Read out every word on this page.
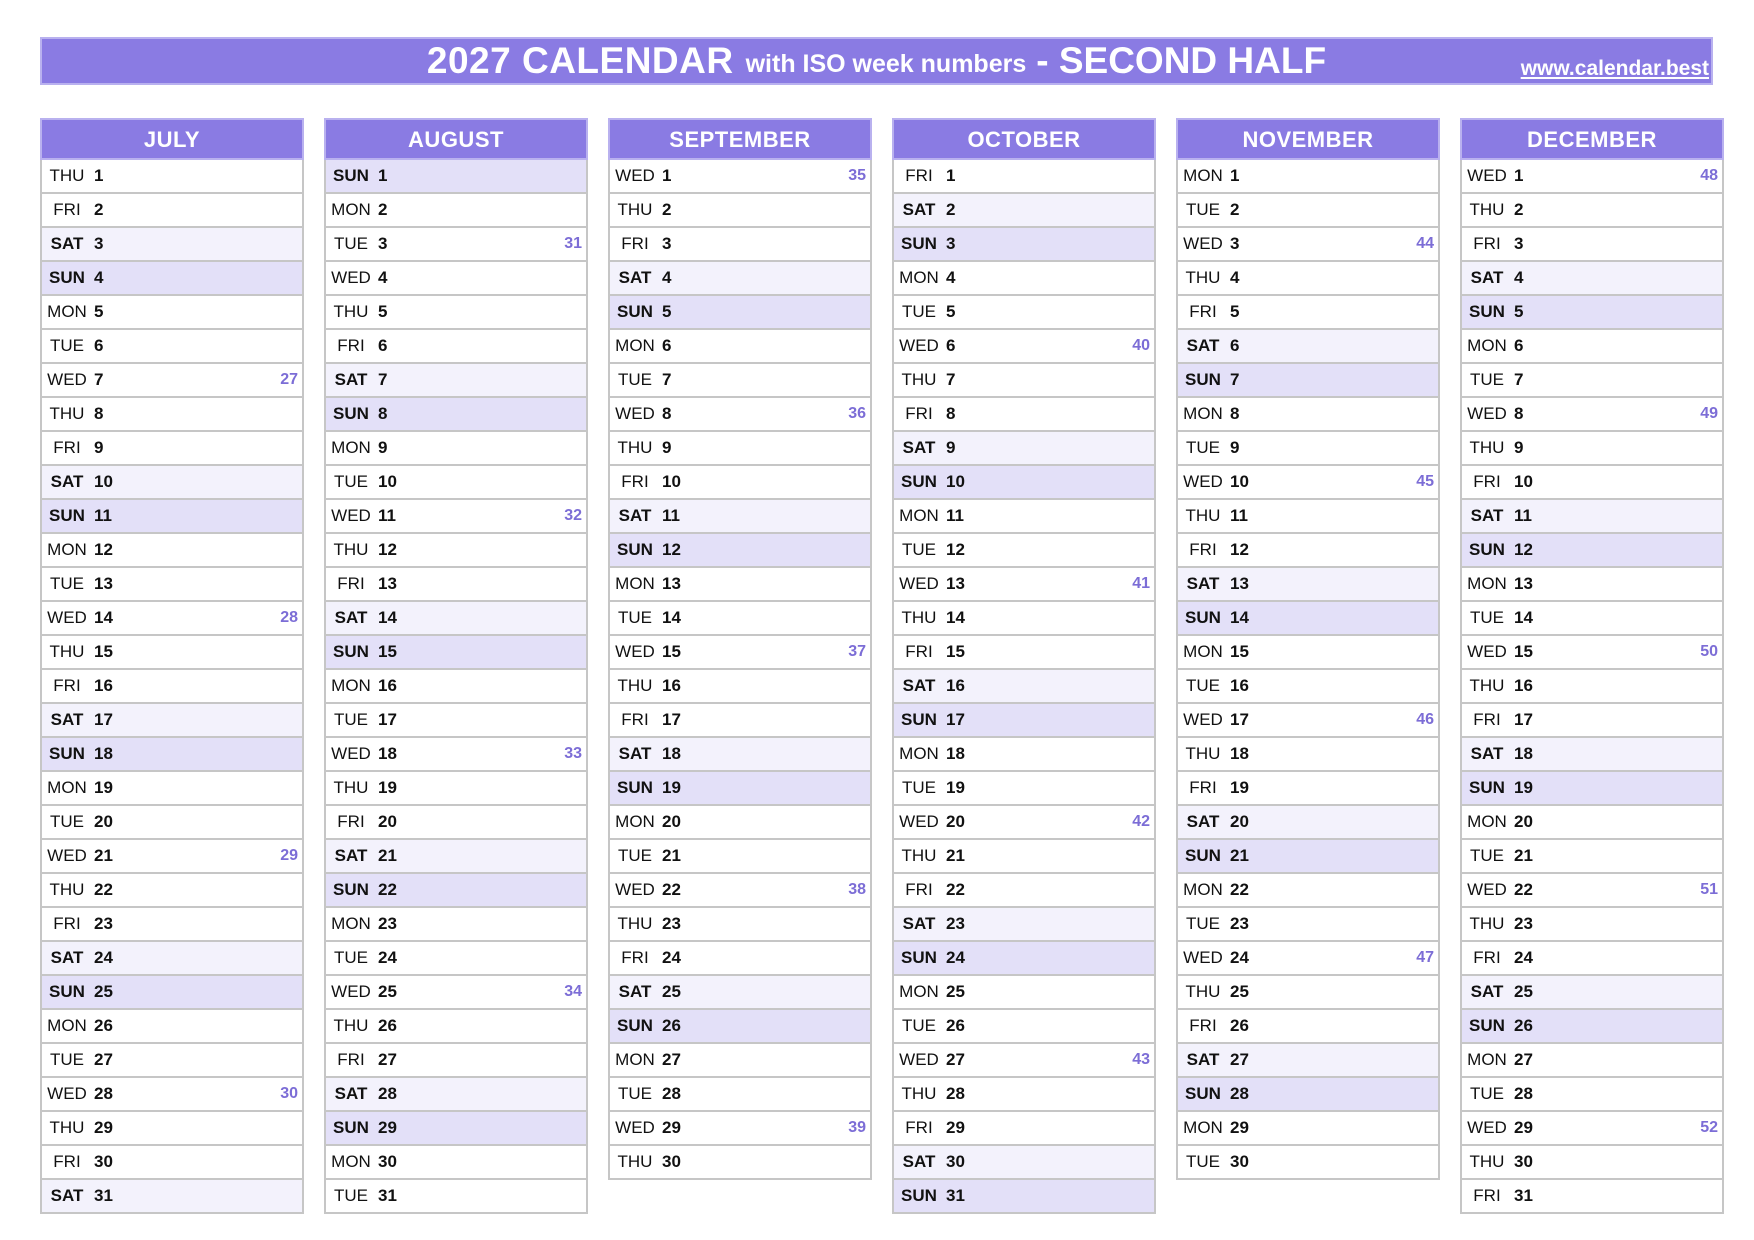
2027 CALENDAR with ISO week numbers - SECOND HALF	www.calendar.best
JULY
THU 1
FRI 2
SAT 3
SUN 4
MON 5
TUE 6
WED 7	27
THU 8
FRI 9
SAT 10
SUN 11
MON 12
TUE 13
WED 14	28
THU 15
FRI 16
SAT 17
SUN 18
MON 19
TUE 20
WED 21	29
THU 22
FRI 23
SAT 24
SUN 25
MON 26
TUE 27
WED 28	30
THU 29
FRI 30
SAT 31
AUGUST
SUN 1
MON 2
TUE 3	31
WED 4
THU 5
FRI 6
SAT 7
SUN 8
MON 9
TUE 10
WED 11	32
THU 12
FRI 13
SAT 14
SUN 15
MON 16
TUE 17
WED 18	33
THU 19
FRI 20
SAT 21
SUN 22
MON 23
TUE 24
WED 25	34
THU 26
FRI 27
SAT 28
SUN 29
MON 30
TUE 31
SEPTEMBER
WED 1	35
THU 2
FRI 3
SAT 4
SUN 5
MON 6
TUE 7
WED 8	36
THU 9
FRI 10
SAT 11
SUN 12
MON 13
TUE 14
WED 15	37
THU 16
FRI 17
SAT 18
SUN 19
MON 20
TUE 21
WED 22	38
THU 23
FRI 24
SAT 25
SUN 26
MON 27
TUE 28
WED 29	39
THU 30
OCTOBER
FRI 1
SAT 2
SUN 3
MON 4
TUE 5
WED 6	40
THU 7
FRI 8
SAT 9
SUN 10
MON 11
TUE 12
WED 13	41
THU 14
FRI 15
SAT 16
SUN 17
MON 18
TUE 19
WED 20	42
THU 21
FRI 22
SAT 23
SUN 24
MON 25
TUE 26
WED 27	43
THU 28
FRI 29
SAT 30
SUN 31
NOVEMBER
MON 1
TUE 2
WED 3	44
THU 4
FRI 5
SAT 6
SUN 7
MON 8
TUE 9
WED 10	45
THU 11
FRI 12
SAT 13
SUN 14
MON 15
TUE 16
WED 17	46
THU 18
FRI 19
SAT 20
SUN 21
MON 22
TUE 23
WED 24	47
THU 25
FRI 26
SAT 27
SUN 28
MON 29
TUE 30
DECEMBER
WED 1	48
THU 2
FRI 3
SAT 4
SUN 5
MON 6
TUE 7
WED 8	49
THU 9
FRI 10
SAT 11
SUN 12
MON 13
TUE 14
WED 15	50
THU 16
FRI 17
SAT 18
SUN 19
MON 20
TUE 21
WED 22	51
THU 23
FRI 24
SAT 25
SUN 26
MON 27
TUE 28
WED 29	52
THU 30
FRI 31
